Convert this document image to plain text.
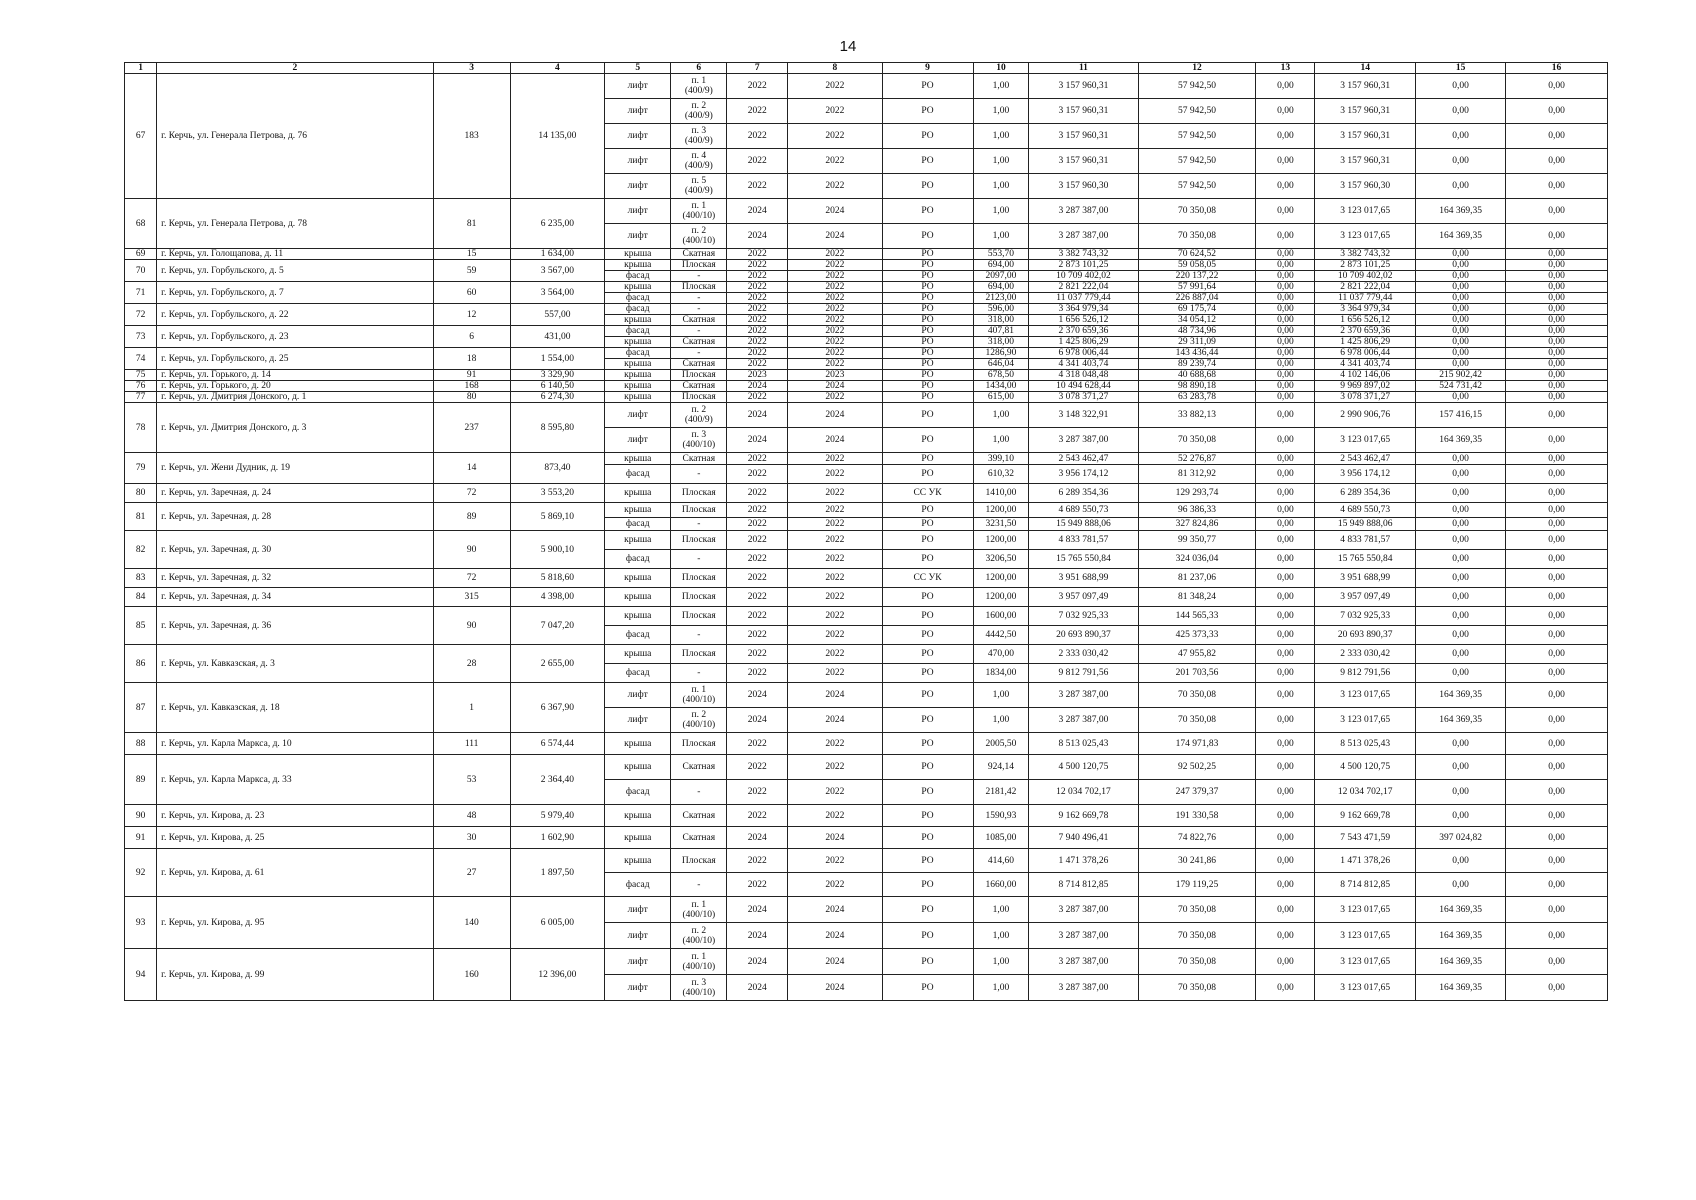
14
1	2	3	4	5	6	7	8	9	10	11	12	13	14	15	16
67	г. Керчь, ул. Генерала Петрова, д. 76	183	14 135,00	лифт	п. 1
(400/9)	2022	2022	РО	1,00	3 157 960,31	57 942,50	0,00	3 157 960,31	0,00	0,00
				лифт	п. 2
(400/9)	2022	2022	РО	1,00	3 157 960,31	57 942,50	0,00	3 157 960,31	0,00	0,00
				лифт	п. 3
(400/9)	2022	2022	РО	1,00	3 157 960,31	57 942,50	0,00	3 157 960,31	0,00	0,00
				лифт	п. 4
(400/9)	2022	2022	РО	1,00	3 157 960,31	57 942,50	0,00	3 157 960,31	0,00	0,00
				лифт	п. 5
(400/9)	2022	2022	РО	1,00	3 157 960,30	57 942,50	0,00	3 157 960,30	0,00	0,00
68	г. Керчь, ул. Генерала Петрова, д. 78	81	6 235,00	лифт	п. 1
(400/10)	2024	2024	РО	1,00	3 287 387,00	70 350,08	0,00	3 123 017,65	164 369,35	0,00
				лифт	п. 2
(400/10)	2024	2024	РО	1,00	3 287 387,00	70 350,08	0,00	3 123 017,65	164 369,35	0,00
69	г. Керчь, ул. Голощапова, д. 11	15	1 634,00	крыша	Скатная	2022	2022	РО	553,70	3 382 743,32	70 624,52	0,00	3 382 743,32	0,00	0,00
70	г. Керчь, ул. Горбульского, д. 5	59	3 567,00	крыша	Плоская	2022	2022	РО	694,00	2 873 101,25	59 058,05	0,00	2 873 101,25	0,00	0,00
				фасад	-	2022	2022	РО	2097,00	10 709 402,02	220 137,22	0,00	10 709 402,02	0,00	0,00
71	г. Керчь, ул. Горбульского, д. 7	60	3 564,00	крыша	Плоская	2022	2022	РО	694,00	2 821 222,04	57 991,64	0,00	2 821 222,04	0,00	0,00
				фасад	-	2022	2022	РО	2123,00	11 037 779,44	226 887,04	0,00	11 037 779,44	0,00	0,00
72	г. Керчь, ул. Горбульского, д. 22	12	557,00	фасад	-	2022	2022	РО	596,00	3 364 979,34	69 175,74	0,00	3 364 979,34	0,00	0,00
				крыша	Скатная	2022	2022	РО	318,00	1 656 526,12	34 054,12	0,00	1 656 526,12	0,00	0,00
73	г. Керчь, ул. Горбульского, д. 23	6	431,00	фасад	-	2022	2022	РО	407,81	2 370 659,36	48 734,96	0,00	2 370 659,36	0,00	0,00
				крыша	Скатная	2022	2022	РО	318,00	1 425 806,29	29 311,09	0,00	1 425 806,29	0,00	0,00
74	г. Керчь, ул. Горбульского, д. 25	18	1 554,00	фасад	-	2022	2022	РО	1286,90	6 978 006,44	143 436,44	0,00	6 978 006,44	0,00	0,00
				крыша	Скатная	2022	2022	РО	646,04	4 341 403,74	89 239,74	0,00	4 341 403,74	0,00	0,00
75	г. Керчь, ул. Горького, д. 14	91	3 329,90	крыша	Плоская	2023	2023	РО	678,50	4 318 048,48	40 688,68	0,00	4 102 146,06	215 902,42	0,00
76	г. Керчь, ул. Горького, д. 20	168	6 140,50	крыша	Скатная	2024	2024	РО	1434,00	10 494 628,44	98 890,18	0,00	9 969 897,02	524 731,42	0,00
77	г. Керчь, ул. Дмитрия Донского, д. 1	80	6 274,30	крыша	Плоская	2022	2022	РО	615,00	3 078 371,27	63 283,78	0,00	3 078 371,27	0,00	0,00
78	г. Керчь, ул. Дмитрия Донского, д. 3	237	8 595,80	лифт	п. 2
(400/9)	2024	2024	РО	1,00	3 148 322,91	33 882,13	0,00	2 990 906,76	157 416,15	0,00
				лифт	п. 3
(400/10)	2024	2024	РО	1,00	3 287 387,00	70 350,08	0,00	3 123 017,65	164 369,35	0,00
79	г. Керчь, ул. Жени Дудник, д. 19	14	873,40	крыша	Скатная	2022	2022	РО	399,10	2 543 462,47	52 276,87	0,00	2 543 462,47	0,00	0,00
				фасад	-	2022	2022	РО	610,32	3 956 174,12	81 312,92	0,00	3 956 174,12	0,00	0,00
80	г. Керчь, ул. Заречная, д. 24	72	3 553,20	крыша	Плоская	2022	2022	СС УК	1410,00	6 289 354,36	129 293,74	0,00	6 289 354,36	0,00	0,00
81	г. Керчь, ул. Заречная, д. 28	89	5 869,10	крыша	Плоская	2022	2022	РО	1200,00	4 689 550,73	96 386,33	0,00	4 689 550,73	0,00	0,00
				фасад	-	2022	2022	РО	3231,50	15 949 888,06	327 824,86	0,00	15 949 888,06	0,00	0,00
82	г. Керчь, ул. Заречная, д. 30	90	5 900,10	крыша	Плоская	2022	2022	РО	1200,00	4 833 781,57	99 350,77	0,00	4 833 781,57	0,00	0,00
				фасад	-	2022	2022	РО	3206,50	15 765 550,84	324 036,04	0,00	15 765 550,84	0,00	0,00
83	г. Керчь, ул. Заречная, д. 32	72	5 818,60	крыша	Плоская	2022	2022	СС УК	1200,00	3 951 688,99	81 237,06	0,00	3 951 688,99	0,00	0,00
84	г. Керчь, ул. Заречная, д. 34	315	4 398,00	крыша	Плоская	2022	2022	РО	1200,00	3 957 097,49	81 348,24	0,00	3 957 097,49	0,00	0,00
85	г. Керчь, ул. Заречная, д. 36	90	7 047,20	крыша	Плоская	2022	2022	РО	1600,00	7 032 925,33	144 565,33	0,00	7 032 925,33	0,00	0,00
				фасад	-	2022	2022	РО	4442,50	20 693 890,37	425 373,33	0,00	20 693 890,37	0,00	0,00
86	г. Керчь, ул. Кавказская, д. 3	28	2 655,00	крыша	Плоская	2022	2022	РО	470,00	2 333 030,42	47 955,82	0,00	2 333 030,42	0,00	0,00
				фасад	-	2022	2022	РО	1834,00	9 812 791,56	201 703,56	0,00	9 812 791,56	0,00	0,00
87	г. Керчь, ул. Кавказская, д. 18	1	6 367,90	лифт	п. 1
(400/10)	2024	2024	РО	1,00	3 287 387,00	70 350,08	0,00	3 123 017,65	164 369,35	0,00
				лифт	п. 2
(400/10)	2024	2024	РО	1,00	3 287 387,00	70 350,08	0,00	3 123 017,65	164 369,35	0,00
88	г. Керчь, ул. Карла Маркса, д. 10	111	6 574,44	крыша	Плоская	2022	2022	РО	2005,50	8 513 025,43	174 971,83	0,00	8 513 025,43	0,00	0,00
89	г. Керчь, ул. Карла Маркса, д. 33	53	2 364,40	крыша	Скатная	2022	2022	РО	924,14	4 500 120,75	92 502,25	0,00	4 500 120,75	0,00	0,00
				фасад	-	2022	2022	РО	2181,42	12 034 702,17	247 379,37	0,00	12 034 702,17	0,00	0,00
90	г. Керчь, ул. Кирова, д. 23	48	5 979,40	крыша	Скатная	2022	2022	РО	1590,93	9 162 669,78	191 330,58	0,00	9 162 669,78	0,00	0,00
91	г. Керчь, ул. Кирова, д. 25	30	1 602,90	крыша	Скатная	2024	2024	РО	1085,00	7 940 496,41	74 822,76	0,00	7 543 471,59	397 024,82	0,00
92	г. Керчь, ул. Кирова, д. 61	27	1 897,50	крыша	Плоская	2022	2022	РО	414,60	1 471 378,26	30 241,86	0,00	1 471 378,26	0,00	0,00
				фасад	-	2022	2022	РО	1660,00	8 714 812,85	179 119,25	0,00	8 714 812,85	0,00	0,00
93	г. Керчь, ул. Кирова, д. 95	140	6 005,00	лифт	п. 1
(400/10)	2024	2024	РО	1,00	3 287 387,00	70 350,08	0,00	3 123 017,65	164 369,35	0,00
				лифт	п. 2
(400/10)	2024	2024	РО	1,00	3 287 387,00	70 350,08	0,00	3 123 017,65	164 369,35	0,00
94	г. Керчь, ул. Кирова, д. 99	160	12 396,00	лифт	п. 1
(400/10)	2024	2024	РО	1,00	3 287 387,00	70 350,08	0,00	3 123 017,65	164 369,35	0,00
				лифт	п. 3
(400/10)	2024	2024	РО	1,00	3 287 387,00	70 350,08	0,00	3 123 017,65	164 369,35	0,00
